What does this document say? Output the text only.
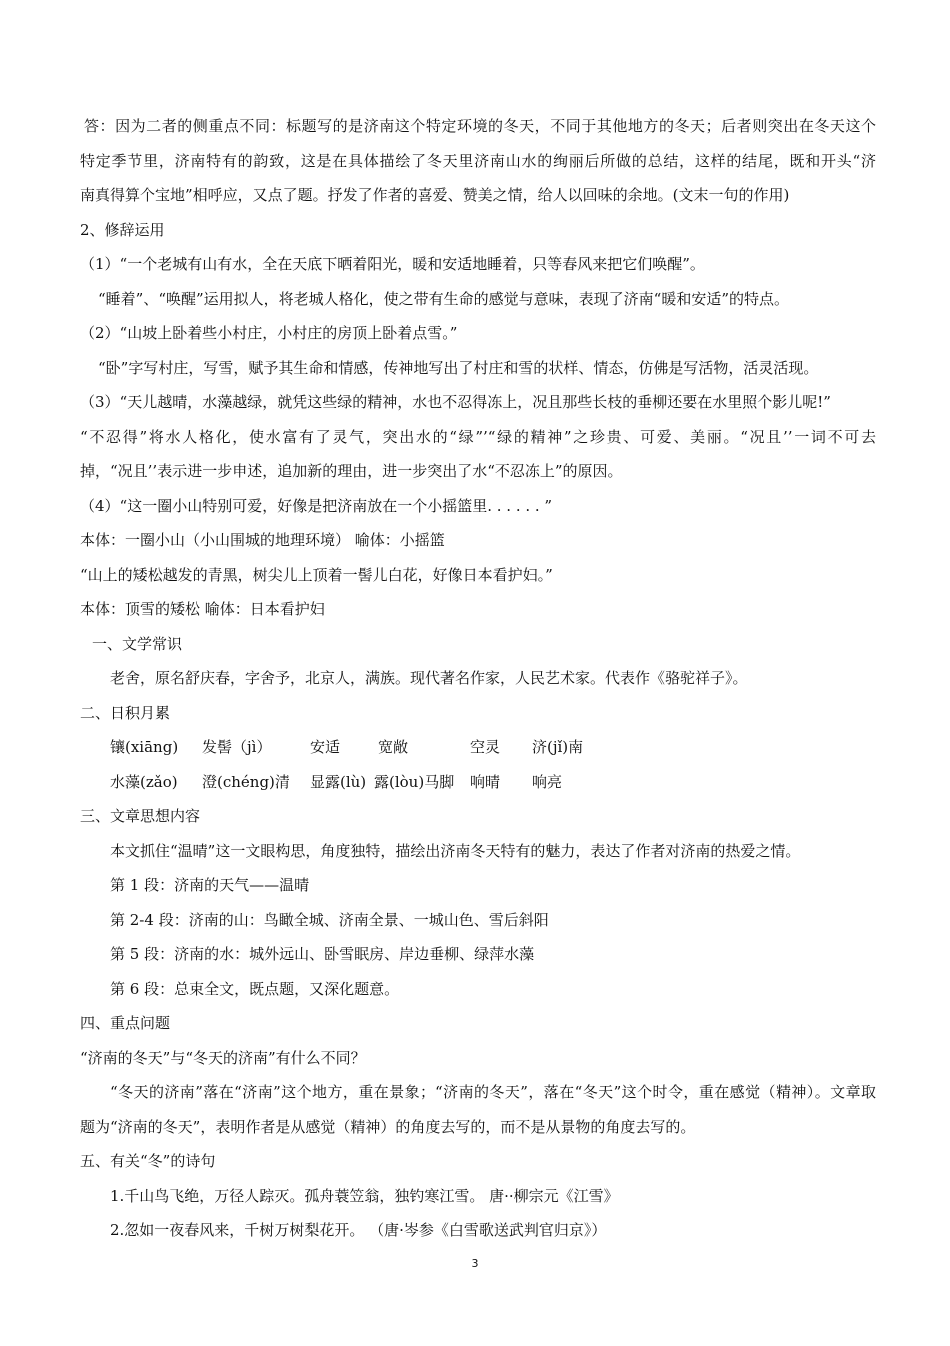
答：因为二者的侧重点不同：标题写的是济南这个特定环境的冬天，不同于其他地方的冬天；后者则突出在冬天这个
特定季节里，济南特有的韵致，这是在具体描绘了冬天里济南山水的绚丽后所做的总结，这样的结尾，既和开头“济
南真得算个宝地”相呼应，又点了题。抒发了作者的喜爱、赞美之情，给人以回味的余地。(文末一句的作用)
2、修辞运用
（1）“一个老城有山有水，全在天底下晒着阳光，暖和安适地睡着，只等春风来把它们唤醒”。
“睡着”、“唤醒”运用拟人，将老城人格化，使之带有生命的感觉与意味，表现了济南“暖和安适”的特点。
（2）“山坡上卧着些小村庄，小村庄的房顶上卧着点雪。”
“卧”字写村庄，写雪，赋予其生命和情感，传神地写出了村庄和雪的状样、情态，仿佛是写活物，活灵活现。
（3）“天儿越晴，水藻越绿，就凭这些绿的精神，水也不忍得冻上，况且那些长枝的垂柳还要在水里照个影儿呢!”
“不忍得”将水人格化，使水富有了灵气，突出水的“绿”’“绿的精神”之珍贵、可爱、美丽。“况且’’一词不可去
掉，“况且’’表示进一步申述，追加新的理由，进一步突出了水“不忍冻上”的原因。
（4）“这一圈小山特别可爱，好像是把济南放在一个小摇篮里. . . . . . ”
本体：一圈小山（小山围城的地理环境） 喻体：小摇篮
“山上的矮松越发的青黑，树尖儿上顶着一髻儿白花，好像日本看护妇。”
本体：顶雪的矮松 喻体：日本看护妇
一、文学常识
老舍，原名舒庆春，字舍予，北京人，满族。现代著名作家，人民艺术家。代表作《骆驼祥子》。
二、日积月累
镶(xiāng)	发髻（jì）	安适	宽敞	空灵	济(jǐ)南
水藻(zǎo)	澄(chéng)清	显露(lù) 露(lòu)马脚	响晴	响亮
三、文章思想内容
本文抓住“温晴”这一文眼构思，角度独特，描绘出济南冬天特有的魅力，表达了作者对济南的热爱之情。
第 1 段：济南的天气——温晴
第 2-4 段：济南的山：鸟瞰全城、济南全景、一城山色、雪后斜阳
第 5 段：济南的水：城外远山、卧雪眠房、岸边垂柳、绿萍水藻
第 6 段：总束全文，既点题，又深化题意。
四、重点问题
“济南的冬天”与“冬天的济南”有什么不同？
“冬天的济南”落在“济南”这个地方，重在景象；“济南的冬天”，落在“冬天”这个时令，重在感觉（精神）。文章取
题为“济南的冬天”，表明作者是从感觉（精神）的角度去写的，而不是从景物的角度去写的。
五、有关“冬”的诗句
1.千山鸟飞绝，万径人踪灭。孤舟蓑笠翁，独钓寒江雪。 唐··柳宗元《江雪》
2.忽如一夜春风来，千树万树梨花开。 （唐·岑参《白雪歌送武判官归京》）
3
